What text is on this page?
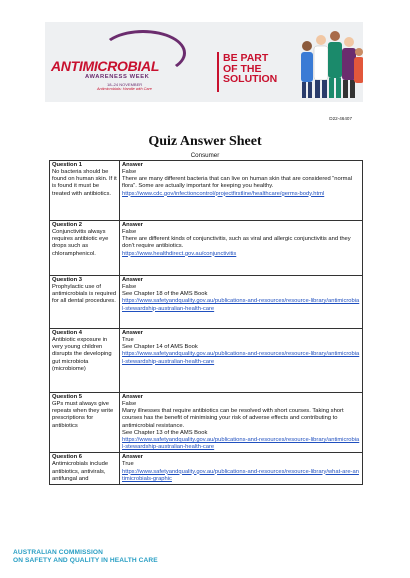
ANTIMICROBIAL
AWARENESS WEEK
18–24 NOVEMBER
Antimicrobials: Handle with Care
BE PART
OF THE
SOLUTION
D22-46407
Quiz Answer Sheet
Consumer
Question 1
No bacteria should be found on human skin. If it is found it must be treated with antibiotics.	Answer
False
There are many different bacteria that can live on human skin that are considered “normal flora”. Some are actually important for keeping you healthy.
https://www.cdc.gov/infectioncontrol/projectfirstline/healthcare/germs-body.html

Question 2
Conjunctivitis always requires antibiotic eye drops such as chloramphenicol.	Answer
False
There are different kinds of conjunctivitis, such as viral and allergic conjunctivitis and they don’t require antibiotics.
https://www.healthdirect.gov.au/conjunctivitis

Question 3
Prophylactic use of antimicrobials is required for all dental procedures.	Answer
False
See Chapter 18 of the AMS Book
https://www.safetyandquality.gov.au/publications-and-resources/resource-library/antimicrobial-stewardship-australian-health-care

Question 4
Antibiotic exposure in very young children disrupts the developing gut microbiota (microbiome)	Answer
True
See Chapter 14 of AMS Book
https://www.safetyandquality.gov.au/publications-and-resources/resource-library/antimicrobial-stewardship-australian-health-care

Question 5
GPs must always give repeats when they write prescriptions for antibiotics	Answer
False
Many illnesses that require antibiotics can be resolved with short courses. Taking short courses has the benefit of minimising your risk of adverse effects and contributing to antimicrobial resistance.
See Chapter 13 of the AMS Book
https://www.safetyandquality.gov.au/publications-and-resources/resource-library/antimicrobial-stewardship-australian-health-care

Question 6
Antimicrobials include antibiotics, antivirals, antifungal and	Answer
True
https://www.safetyandquality.gov.au/publications-and-resources/resource-library/what-are-antimicrobials-graphic
AUSTRALIAN COMMISSION
ON SAFETY AND QUALITY IN HEALTH CARE
